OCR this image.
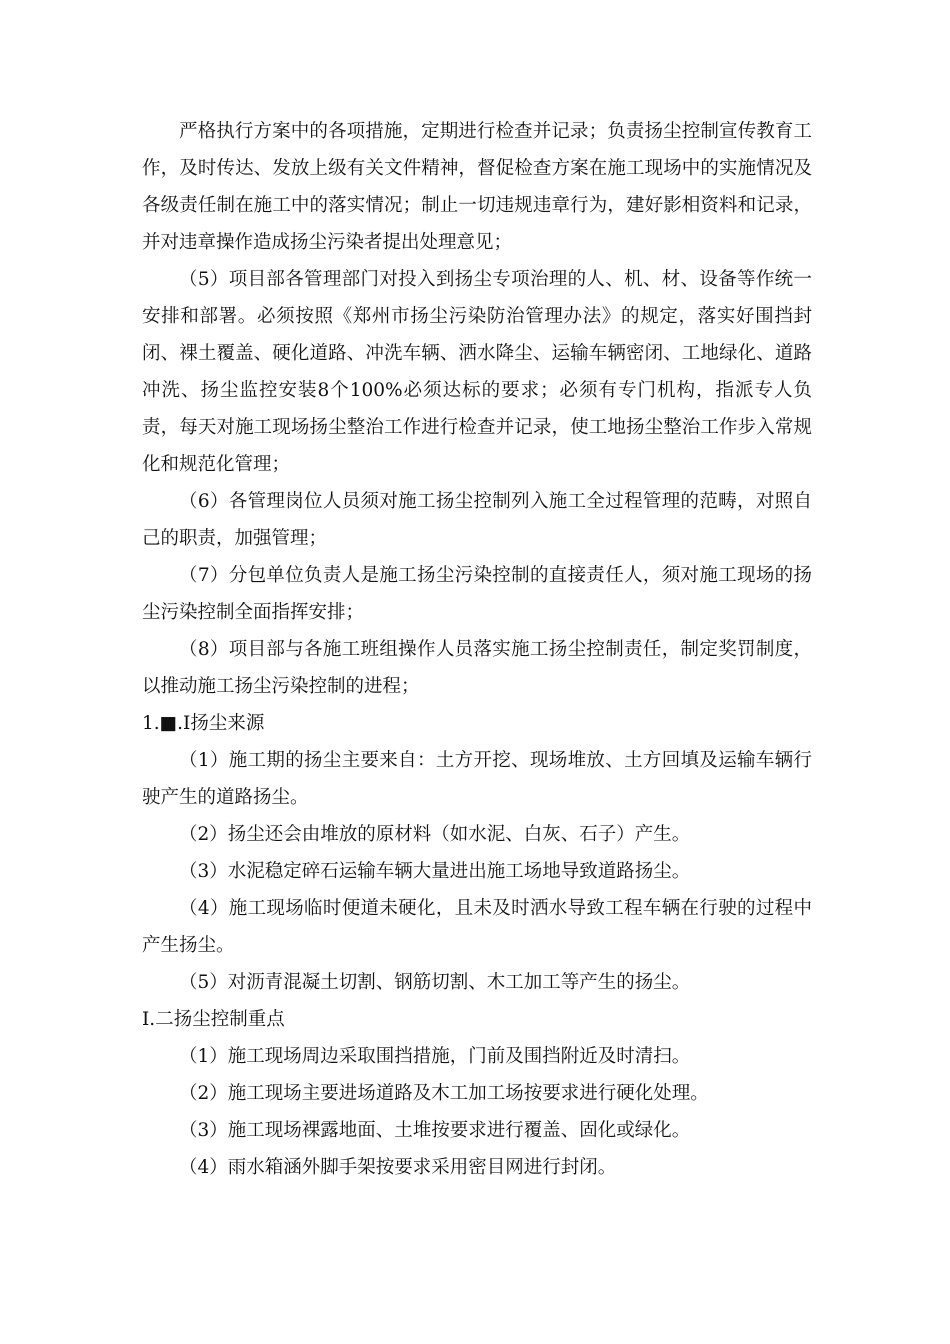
严格执行方案中的各项措施，定期进行检查并记录；负责扬尘控制宣传教育工作，及时传达、发放上级有关文件精神，督促检查方案在施工现场中的实施情况及各级责任制在施工中的落实情况；制止一切违规违章行为，建好影相资料和记录，并对违章操作造成扬尘污染者提出处理意见；

（5）项目部各管理部门对投入到扬尘专项治理的人、机、材、设备等作统一安排和部署。必须按照《郑州市扬尘污染防治管理办法》的规定，落实好围挡封闭、裸土覆盖、硬化道路、冲洗车辆、洒水降尘、运输车辆密闭、工地绿化、道路冲洗、扬尘监控安装8个100%必须达标的要求；必须有专门机构，指派专人负责，每天对施工现场扬尘整治工作进行检查并记录，使工地扬尘整治工作步入常规化和规范化管理；

（6）各管理岗位人员须对施工扬尘控制列入施工全过程管理的范畴，对照自己的职责，加强管理；

（7）分包单位负责人是施工扬尘污染控制的直接责任人，须对施工现场的扬尘污染控制全面指挥安排；

（8）项目部与各施工班组操作人员落实施工扬尘控制责任，制定奖罚制度，以推动施工扬尘污染控制的进程；

1.■.I扬尘来源

（1）施工期的扬尘主要来自：土方开挖、现场堆放、土方回填及运输车辆行驶产生的道路扬尘。

（2）扬尘还会由堆放的原材料（如水泥、白灰、石子）产生。

（3）水泥稳定碎石运输车辆大量进出施工场地导致道路扬尘。

（4）施工现场临时便道未硬化，且未及时洒水导致工程车辆在行驶的过程中产生扬尘。

（5）对沥青混凝土切割、钢筋切割、木工加工等产生的扬尘。

I.二扬尘控制重点

（1）施工现场周边采取围挡措施，门前及围挡附近及时清扫。

（2）施工现场主要进场道路及木工加工场按要求进行硬化处理。

（3）施工现场裸露地面、土堆按要求进行覆盖、固化或绿化。

（4）雨水箱涵外脚手架按要求采用密目网进行封闭。
